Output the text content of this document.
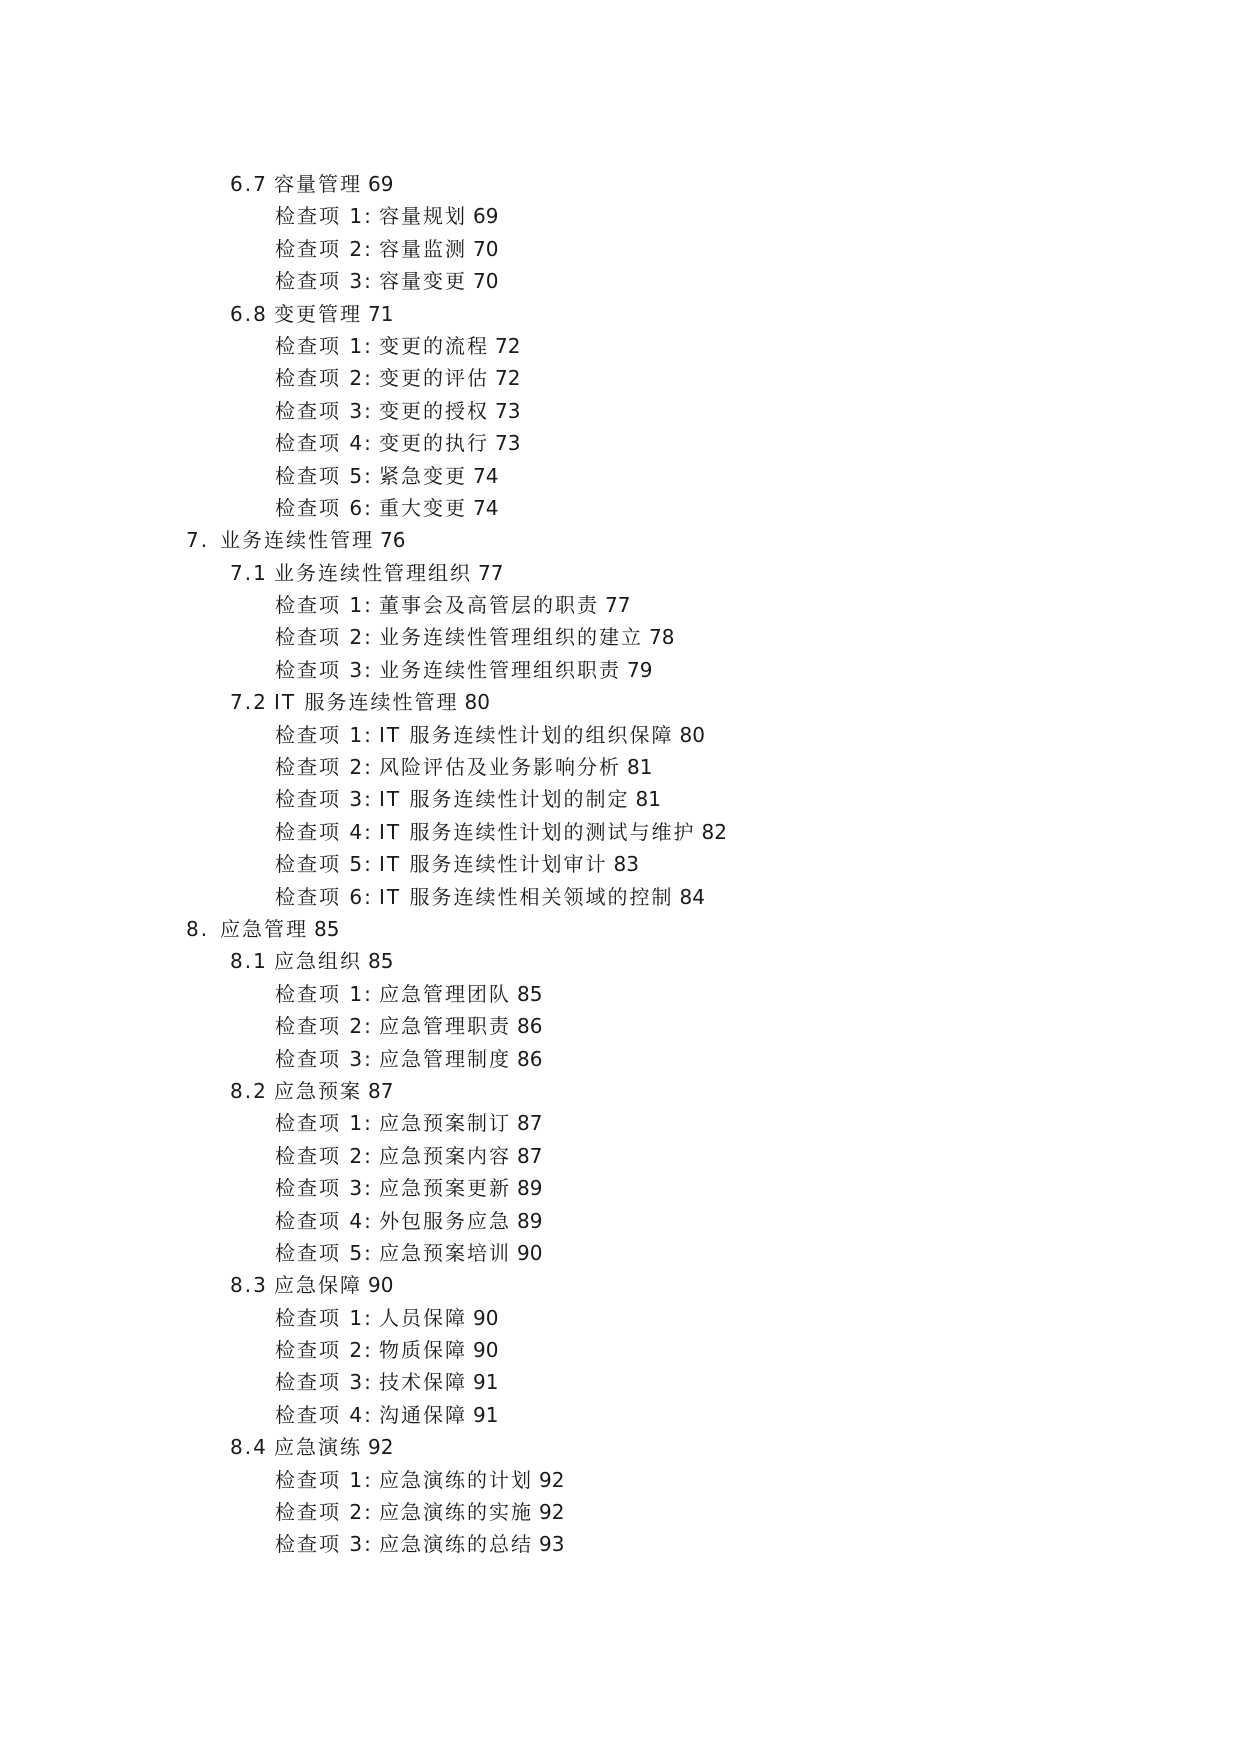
6.7 容量管理 69
检查项 1: 容量规划 69
检查项 2: 容量监测 70
检查项 3: 容量变更 70
6.8 变更管理 71
检查项 1: 变更的流程 72
检查项 2: 变更的评估 72
检查项 3: 变更的授权 73
检查项 4: 变更的执行 73
检查项 5: 紧急变更 74
检查项 6: 重大变更 74
7. 业务连续性管理 76
7.1 业务连续性管理组织 77
检查项 1: 董事会及高管层的职责 77
检查项 2: 业务连续性管理组织的建立 78
检查项 3: 业务连续性管理组织职责 79
7.2 IT 服务连续性管理 80
检查项 1: IT 服务连续性计划的组织保障 80
检查项 2: 风险评估及业务影响分析 81
检查项 3: IT 服务连续性计划的制定 81
检查项 4: IT 服务连续性计划的测试与维护 82
检查项 5: IT 服务连续性计划审计 83
检查项 6: IT 服务连续性相关领域的控制 84
8. 应急管理 85
8.1 应急组织 85
检查项 1: 应急管理团队 85
检查项 2: 应急管理职责 86
检查项 3: 应急管理制度 86
8.2 应急预案 87
检查项 1: 应急预案制订 87
检查项 2: 应急预案内容 87
检查项 3: 应急预案更新 89
检查项 4: 外包服务应急 89
检查项 5: 应急预案培训 90
8.3 应急保障 90
检查项 1: 人员保障 90
检查项 2: 物质保障 90
检查项 3: 技术保障 91
检查项 4: 沟通保障 91
8.4 应急演练 92
检查项 1: 应急演练的计划 92
检查项 2: 应急演练的实施 92
检查项 3: 应急演练的总结 93
